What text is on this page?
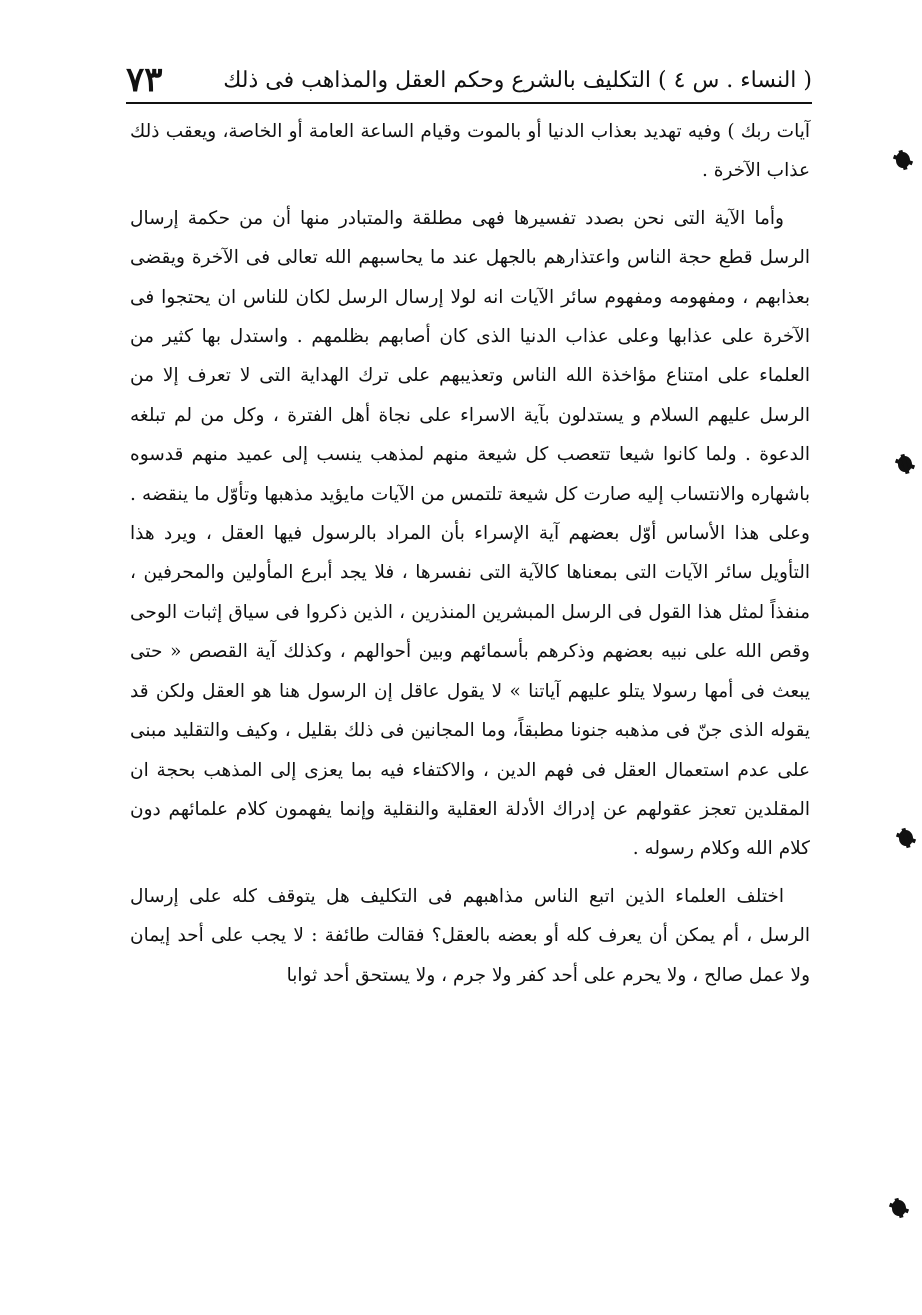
( النساء . س ٤ ) التكليف بالشرع وحكم العقل والمذاهب فى ذلك
٧٣

آيات ربك ) وفيه تهديد بعذاب الدنيا أو بالموت وقيام الساعة العامة أو الخاصة، ويعقب ذلك عذاب الآخرة .

وأما الآية التى نحن بصدد تفسيرها فهى مطلقة والمتبادر منها أن من حكمة إرسال الرسل قطع حجة الناس واعتذارهم بالجهل عند ما يحاسبهم الله تعالى فى الآخرة ويقضى بعذابهم ، ومفهومه ومفهوم سائر الآيات انه لولا إرسال الرسل لكان للناس ان يحتجوا فى الآخرة على عذابها وعلى عذاب الدنيا الذى كان أصابهم بظلمهم . واستدل بها كثير من العلماء على امتناع مؤاخذة الله الناس وتعذيبهم على ترك الهداية التى لا تعرف إلا من الرسل عليهم السلام و يستدلون بآية الاسراء على نجاة أهل الفترة ، وكل من لم تبلغه الدعوة . ولما كانوا شيعا تتعصب كل شيعة منهم لمذهب ينسب إلى عميد منهم قدسوه باشهاره والانتساب إليه صارت كل شيعة تلتمس من الآيات مايؤيد مذهبها وتأوّل ما ينقضه . وعلى هذا الأساس أوّل بعضهم آية الإسراء بأن المراد بالرسول فيها العقل ، ويرد هذا التأويل سائر الآيات التى بمعناها كالآية التى نفسرها ، فلا يجد أبرع المأولين والمحرفين ، منفذاً لمثل هذا القول فى الرسل المبشرين المنذرين ، الذين ذكروا فى سياق إثبات الوحى وقص الله على نبيه بعضهم وذكرهم بأسمائهم وبين أحوالهم ، وكذلك آية القصص « حتى يبعث فى أمها رسولا يتلو عليهم آياتنا » لا يقول عاقل إن الرسول هنا هو العقل ولكن قد يقوله الذى جنّ فى مذهبه جنونا مطبقاً، وما المجانين فى ذلك بقليل ، وكيف والتقليد مبنى على عدم استعمال العقل فى فهم الدين ، والاكتفاء فيه بما يعزى إلى المذهب بحجة ان المقلدين تعجز عقولهم عن إدراك الأدلة العقلية والنقلية وإنما يفهمون كلام علمائهم دون كلام الله وكلام رسوله .

اختلف العلماء الذين اتبع الناس مذاهبهم فى التكليف هل يتوقف كله على إرسال الرسل ، أم يمكن أن يعرف كله أو بعضه بالعقل؟ فقالت طائفة : لا يجب على أحد إيمان ولا عمل صالح ، ولا يحرم على أحد كفر ولا جرم ، ولا يستحق أحد ثوابا
